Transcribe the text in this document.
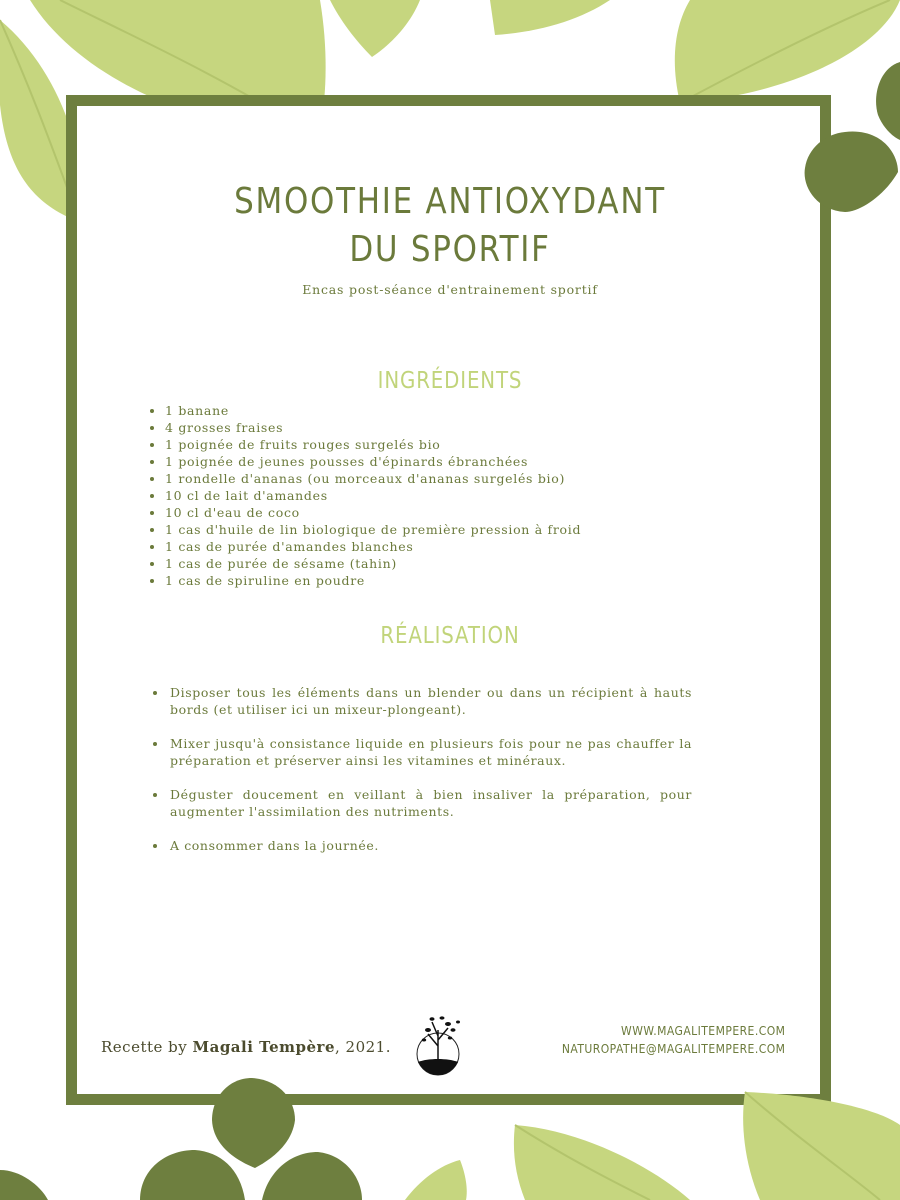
SMOOTHIE ANTIOXYDANT
DU SPORTIF
Encas post-séance d'entrainement sportif
INGRÉDIENTS
1 banane
4 grosses fraises
1 poignée de fruits rouges surgelés bio
1 poignée de jeunes pousses d'épinards ébranchées
1 rondelle d'ananas (ou morceaux d'ananas surgelés bio)
10 cl de lait d'amandes
10 cl d'eau de coco
1 cas d'huile de lin biologique de première pression à froid
1 cas de purée d'amandes blanches
1 cas de purée de sésame (tahin)
1 cas de spiruline en poudre
RÉALISATION
Disposer tous les éléments dans un blender ou dans un récipient à hauts bords (et utiliser ici un mixeur-plongeant).
Mixer jusqu'à consistance liquide en plusieurs fois pour ne pas chauffer la préparation et préserver ainsi les vitamines et minéraux.
Déguster doucement en veillant à bien insaliver la préparation, pour augmenter l'assimilation des nutriments.
A consommer dans la journée.
Recette by Magali Tempère, 2021.
WWW.MAGALITEMPERE.COM
NATUROPATHE@MAGALITEMPERE.COM
